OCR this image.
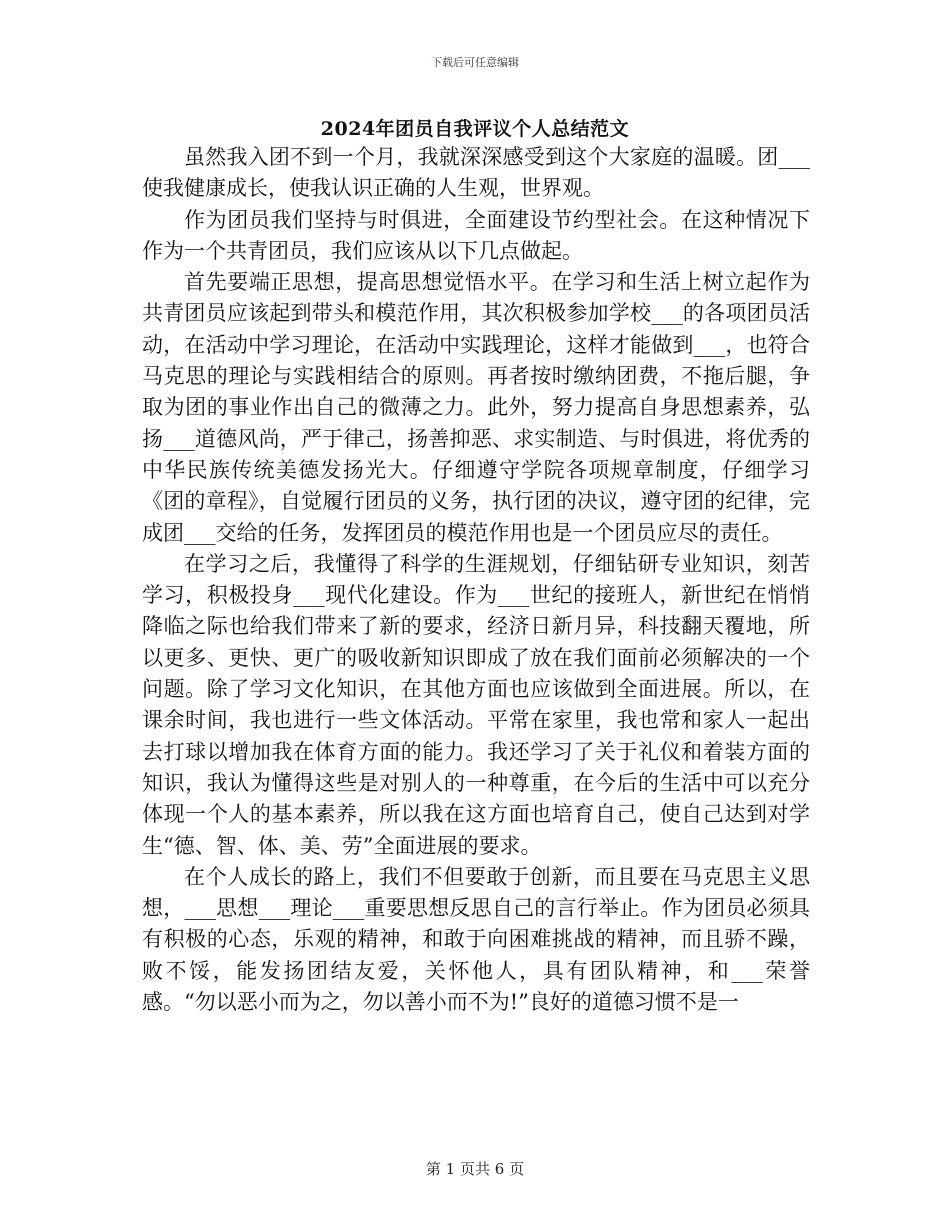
下载后可任意编辑
2024年团员自我评议个人总结范文

虽然我入团不到一个月，我就深深感受到这个大家庭的温暖。团___使我健康成长，使我认识正确的人生观，世界观。

作为团员我们坚持与时俱进，全面建设节约型社会。在这种情况下作为一个共青团员，我们应该从以下几点做起。

首先要端正思想，提高思想觉悟水平。在学习和生活上树立起作为共青团员应该起到带头和模范作用，其次积极参加学校___的各项团员活动，在活动中学习理论，在活动中实践理论，这样才能做到___，也符合马克思的理论与实践相结合的原则。再者按时缴纳团费，不拖后腿，争取为团的事业作出自己的微薄之力。此外，努力提高自身思想素养，弘扬___道德风尚，严于律己，扬善抑恶、求实制造、与时俱进，将优秀的中华民族传统美德发扬光大。仔细遵守学院各项规章制度，仔细学习《团的章程》，自觉履行团员的义务，执行团的决议，遵守团的纪律，完成团___交给的任务，发挥团员的模范作用也是一个团员应尽的责任。

在学习之后，我懂得了科学的生涯规划，仔细钻研专业知识，刻苦学习，积极投身___现代化建设。作为___世纪的接班人，新世纪在悄悄降临之际也给我们带来了新的要求，经济日新月异，科技翻天覆地，所以更多、更快、更广的吸收新知识即成了放在我们面前必须解决的一个问题。除了学习文化知识，在其他方面也应该做到全面进展。所以，在课余时间，我也进行一些文体活动。平常在家里，我也常和家人一起出去打球以增加我在体育方面的能力。我还学习了关于礼仪和着装方面的知识，我认为懂得这些是对别人的一种尊重，在今后的生活中可以充分体现一个人的基本素养，所以我在这方面也培育自己，使自己达到对学生“德、智、体、美、劳”全面进展的要求。

在个人成长的路上，我们不但要敢于创新，而且要在马克思主义思想，___思想___理论___重要思想反思自己的言行举止。作为团员必须具有积极的心态，乐观的精神，和敢于向困难挑战的精神，而且骄不躁，败不馁，能发扬团结友爱，关怀他人，具有团队精神，和___荣誉感。“勿以恶小而为之，勿以善小而不为!”良好的道德习惯不是一

第 1 页共 6 页
